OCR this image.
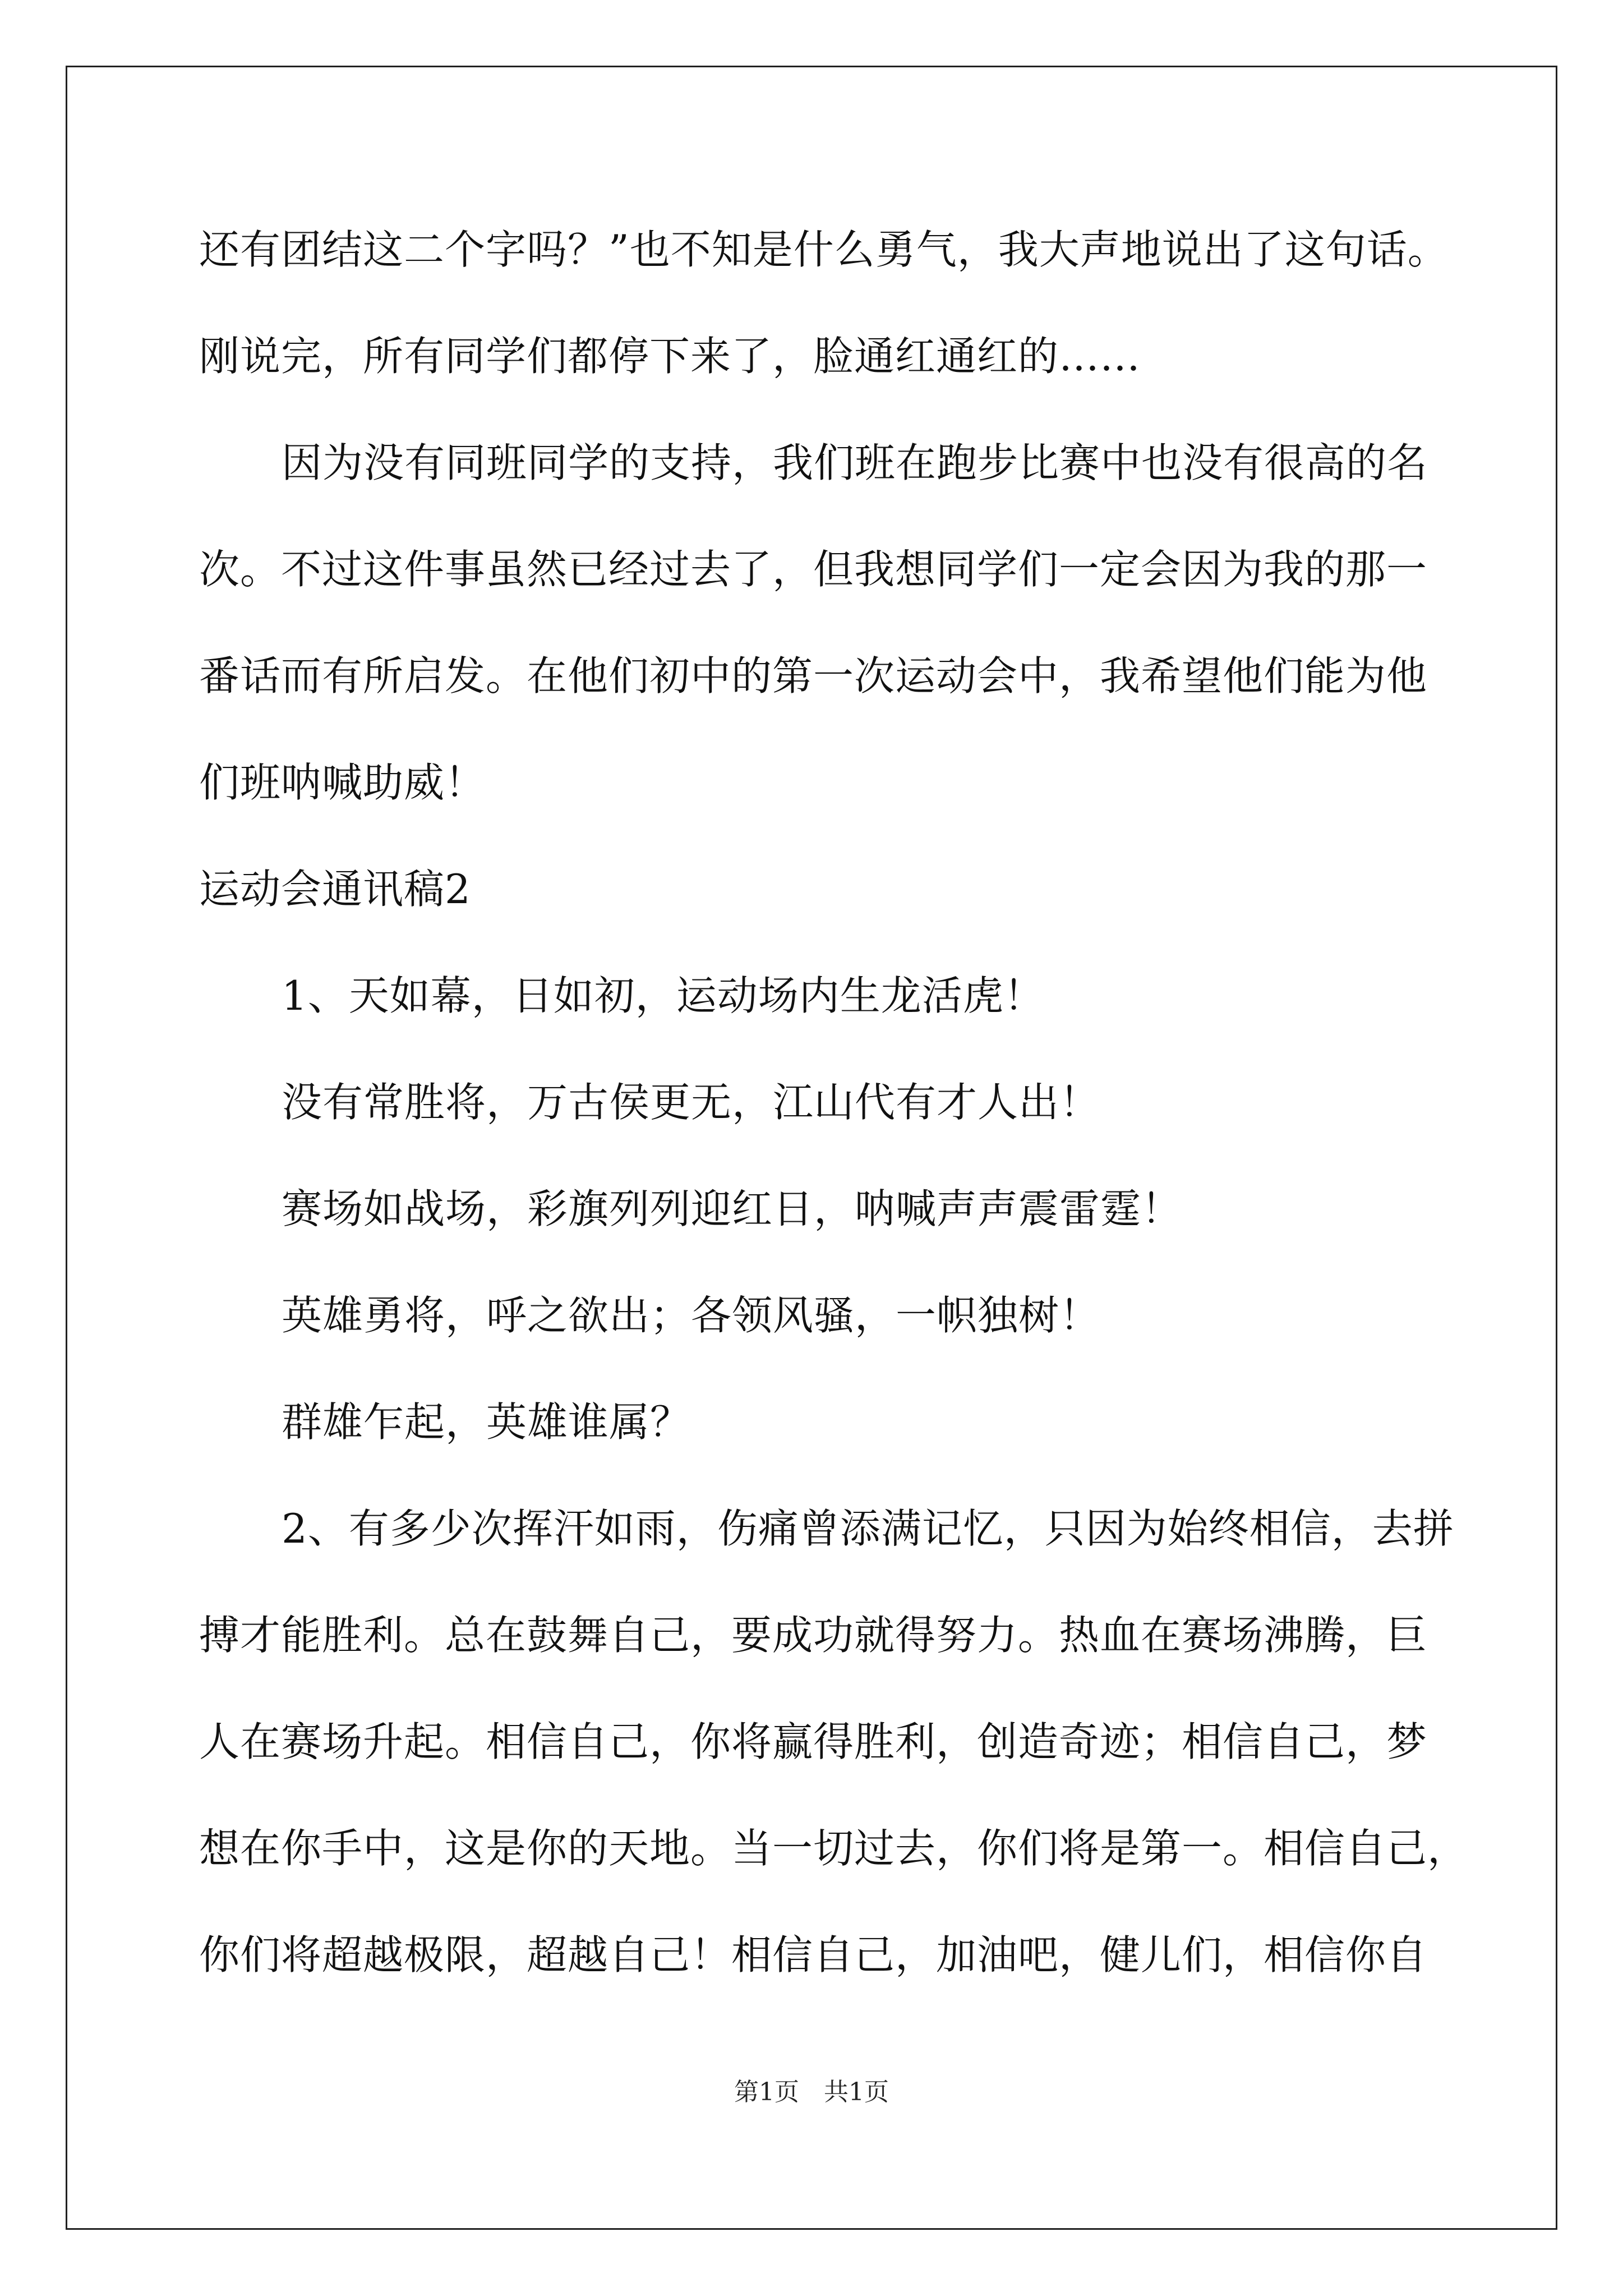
还有团结这二个字吗？”也不知是什么勇气，我大声地说出了这句话。
刚说完，所有同学们都停下来了，脸通红通红的……
因为没有同班同学的支持，我们班在跑步比赛中也没有很高的名
次。不过这件事虽然已经过去了，但我想同学们一定会因为我的那一
番话而有所启发。在他们初中的第一次运动会中，我希望他们能为他
们班呐喊助威！
运动会通讯稿2
1、天如幕，日如初，运动场内生龙活虎！
没有常胜将，万古侯更无，江山代有才人出！
赛场如战场，彩旗列列迎红日，呐喊声声震雷霆！
英雄勇将，呼之欲出；各领风骚，一帜独树！
群雄乍起，英雄谁属？
2、有多少次挥汗如雨，伤痛曾添满记忆，只因为始终相信，去拼
搏才能胜利。总在鼓舞自己，要成功就得努力。热血在赛场沸腾，巨
人在赛场升起。相信自己，你将赢得胜利，创造奇迹；相信自己，梦
想在你手中，这是你的天地。当一切过去，你们将是第一。相信自己，
你们将超越极限，超越自己！相信自己，加油吧，健儿们，相信你自
第1页　共1页
